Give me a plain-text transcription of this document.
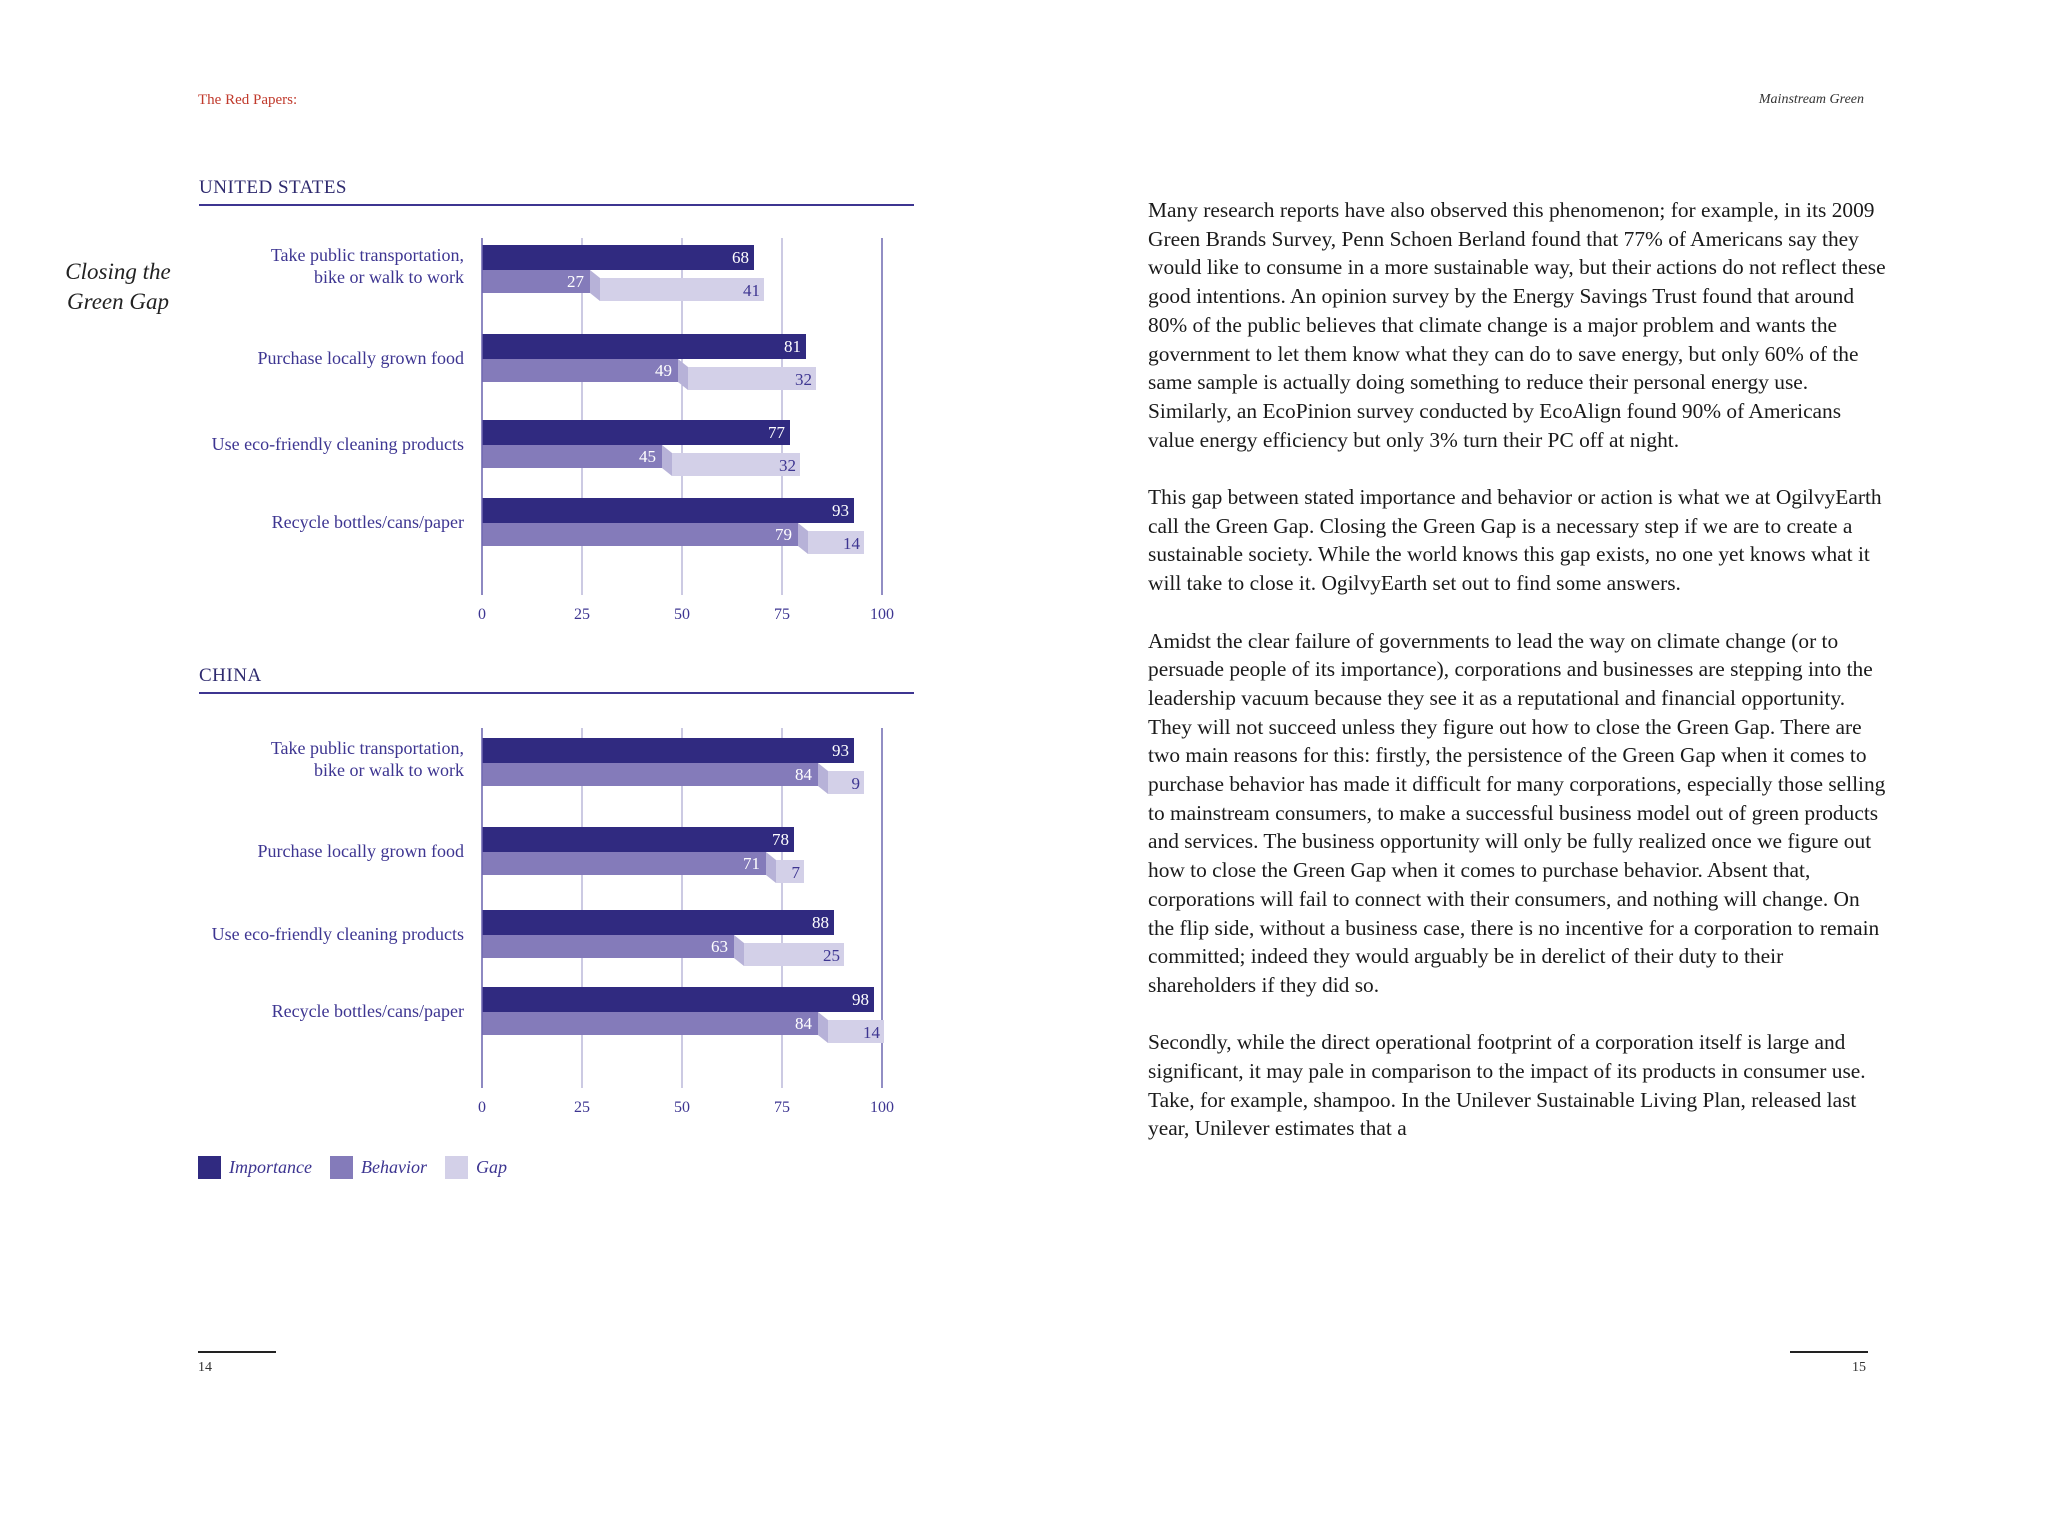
The Red Papers:	Mainstream Green
Closing the
Green Gap
UNITED STATES
0	25	50	75	100
Take public transportation,
bike or walk to work
68
27	41
Purchase locally grown food
81
49	32
Use eco-friendly cleaning products
77
45	32
Recycle bottles/cans/paper
93
79	14
CHINA
0	25	50	75	100
Take public transportation,
bike or walk to work
93
84 9
Purchase locally grown food
78
71 7
Use eco-friendly cleaning products
88
63	25
Recycle bottles/cans/paper
98
84	14
Importance	Behavior	Gap

Many research reports have also observed this phenomenon; for example, in its 2009 Green Brands Survey, Penn Schoen Berland found that 77% of Americans say they would like to consume in a more sustainable way, but their actions do not reflect these good intentions. An opinion survey by the Energy Savings Trust found that around 80% of the public believes that climate change is a major problem and wants the government to let them know what they can do to save energy, but only 60% of the same sample is actually doing something to reduce their personal energy use. Similarly, an EcoPinion survey conducted by EcoAlign found 90% of Americans value energy efficiency but only 3% turn their PC off at night.

This gap between stated importance and behavior or action is what we at OgilvyEarth call the Green Gap. Closing the Green Gap is a necessary step if we are to create a sustainable society. While the world knows this gap exists, no one yet knows what it will take to close it. OgilvyEarth set out to find some answers.

Amidst the clear failure of governments to lead the way on climate change (or to persuade people of its importance), corporations and businesses are stepping into the leadership vacuum because they see it as a reputational and financial opportunity. They will not succeed unless they figure out how to close the Green Gap. There are two main reasons for this: firstly, the persistence of the Green Gap when it comes to purchase behavior has made it difficult for many corporations, especially those selling to mainstream consumers, to make a successful business model out of green products and services. The business opportunity will only be fully realized once we figure out how to close the Green Gap when it comes to purchase behavior. Absent that, corporations will fail to connect with their consumers, and nothing will change. On the flip side, without a business case, there is no incentive for a corporation to remain committed; indeed they would arguably be in derelict of their duty to their shareholders if they did so.

Secondly, while the direct operational footprint of a corporation itself is large and significant, it may pale in comparison to the impact of its products in consumer use. Take, for example, shampoo. In the Unilever Sustainable Living Plan, released last year, Unilever estimates that a

14	15
